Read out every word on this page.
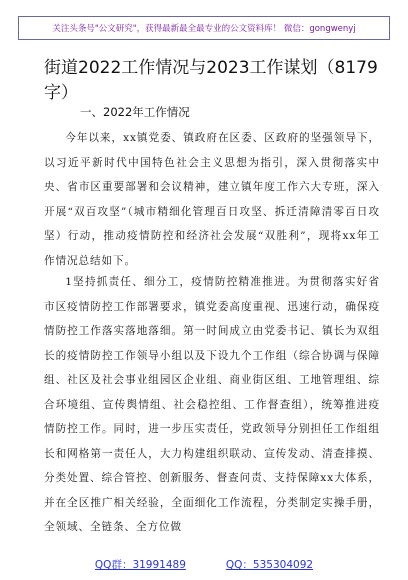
关注头条号"公文研究"，获得最新最全最专业的公文资料库！ 微信：gongwenyj
街道2022工作情况与2023工作谋划（8179字）
一、2022年工作情况

今年以来，xx镇党委、镇政府在区委、区政府的坚强领导下，以习近平新时代中国特色社会主义思想为指引，深入贯彻落实中央、省市区重要部署和会议精神，建立镇年度工作六大专班，深入开展“双百攻坚”（城市精细化管理百日攻坚、拆迁清障清零百日攻坚）行动，推动疫情防控和经济社会发展“双胜利”，现将xx年工作情况总结如下。

1坚持抓责任、细分工，疫情防控精准推进。为贯彻落实好省市区疫情防控工作部署要求，镇党委高度重视、迅速行动，确保疫情防控工作落实落地落细。第一时间成立由党委书记、镇长为双组长的疫情防控工作领导小组以及下设九个工作组（综合协调与保障组、社区及社会事业组园区企业组、商业街区组、工地管理组、综合环境组、宣传舆情组、社会稳控组、工作督查组），统筹推进疫情防控工作。同时，进一步压实责任，党政领导分别担任工作组组长和网格第一责任人，大力构建组织联动、宣传发动、清查排摸、分类处置、综合管控、创新服务、督查问责、支持保障xx大体系，并在全区推广相关经验，全面细化工作流程，分类制定实操手册，全领域、全链条、全方位做

QQ群：31991489	QQ：535304092
